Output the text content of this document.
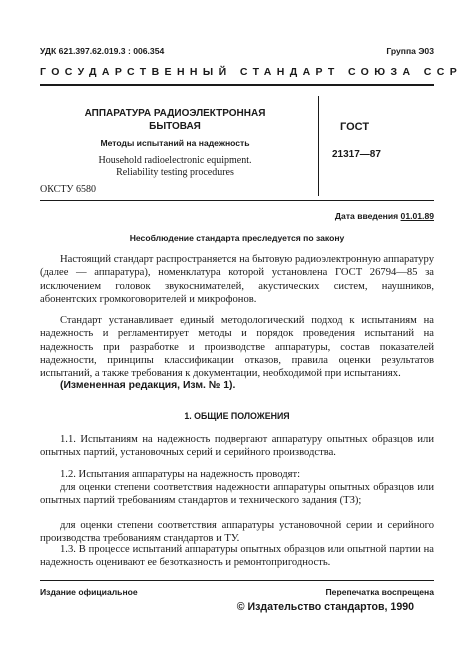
УДК 621.397.62.019.3 : 006.354	Группа Э03
ГОСУДАРСТВЕННЫЙ СТАНДАРТ СОЮЗА ССР
АППАРАТУРА РАДИОЭЛЕКТРОННАЯ
БЫТОВАЯ
Методы испытаний на надежность
Household radioelectronic equipment.
Reliability testing procedures
ОКСТУ 6580
ГОСТ
21317—87
Дата введения 01.01.89
Несоблюдение стандарта преследуется по закону
Настоящий стандарт распространяется на бытовую радиоэлектронную аппаратуру (далее — аппаратура), номенклатура которой установлена ГОСТ 26794—85 за исключением головок звукоснимателей, акустических систем, наушников, абонентских громкоговорителей и микрофонов.
Стандарт устанавливает единый методологический подход к испытаниям на надежность и регламентирует методы и порядок проведения испытаний на надежность при разработке и производстве аппаратуры, состав показателей надежности, принципы классификации отказов, правила оценки результатов испытаний, а также требования к документации, необходимой при испытаниях.
(Измененная редакция, Изм. № 1).
1. ОБЩИЕ ПОЛОЖЕНИЯ
1.1. Испытаниям на надежность подвергают аппаратуру опытных образцов или опытных партий, установочных серий и серийного производства.
1.2. Испытания аппаратуры на надежность проводят:
для оценки степени соответствия надежности аппаратуры опытных образцов или опытных партий требованиям стандартов и технического задания (ТЗ);
для оценки степени соответствия аппаратуры установочной серии и серийного производства требованиям стандартов и ТУ.
1.3. В процессе испытаний аппаратуры опытных образцов или опытной партии на надежность оценивают ее безотказность и ремонтопригодность.
Издание официальное	Перепечатка воспрещена
© Издательство стандартов, 1990
